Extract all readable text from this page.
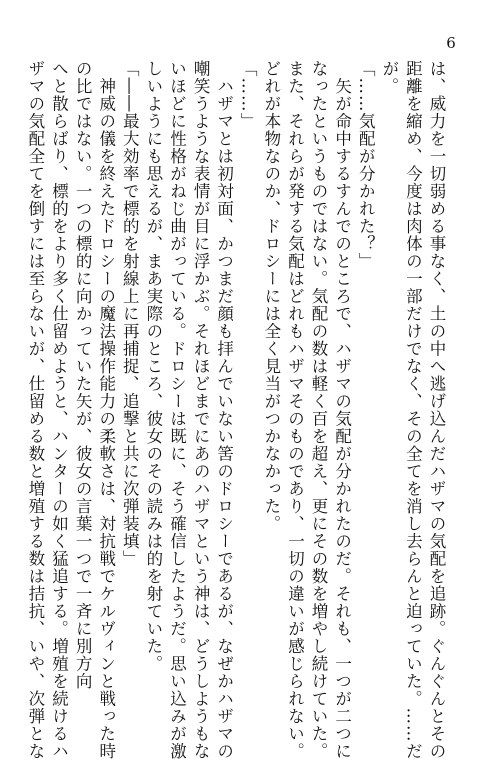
6
は、威力を一切弱める事なく、土の中へ逃げ込んだハザマの気配を追跡。ぐんぐんとその
距離を縮め、今度は肉体の一部だけでなく、その全てを消し去らんと迫っていた。……だ
が。
「……気配が分かれた？」
　矢が命中するすんでのところで、ハザマの気配が分かれたのだ。それも、一つが二つに
なったというものではない。気配の数は軽く百を超え、更にその数を増やし続けていた。
また、それらが発する気配はどれもハザマそのものであり、一切の違いが感じられない。
どれが本物なのか、ドロシーには全く見当がつかなかった。
「……」
　ハザマとは初対面、かつまだ顔も拝んでいない筈のドロシーであるが、なぜかハザマの
嘲笑うような表情が目に浮かぶ。それほどまでにあのハザマという神は、どうしようもな
いほどに性格がねじ曲がっている。ドロシーは既に、そう確信したようだ。思い込みが激
しいようにも思えるが、まあ実際のところ、彼女のその読みは的を射ていた。
「――最大効率で標的を射線上に再捕捉、追撃と共に次弾装填」
　神威の儀を終えたドロシーの魔法操作能力の柔軟さは、対抗戦でケルヴィンと戦った時
の比ではない。一つの標的に向かっていた矢が、彼女の言葉一つで一斉に別方向
へと散らばり、標的をより多く仕留めようと、ハンターの如く猛追する。増殖を続けるハ
ザマの気配全てを倒すには至らないが、仕留める数と増殖する数は拮抗、いや、次弾とな
